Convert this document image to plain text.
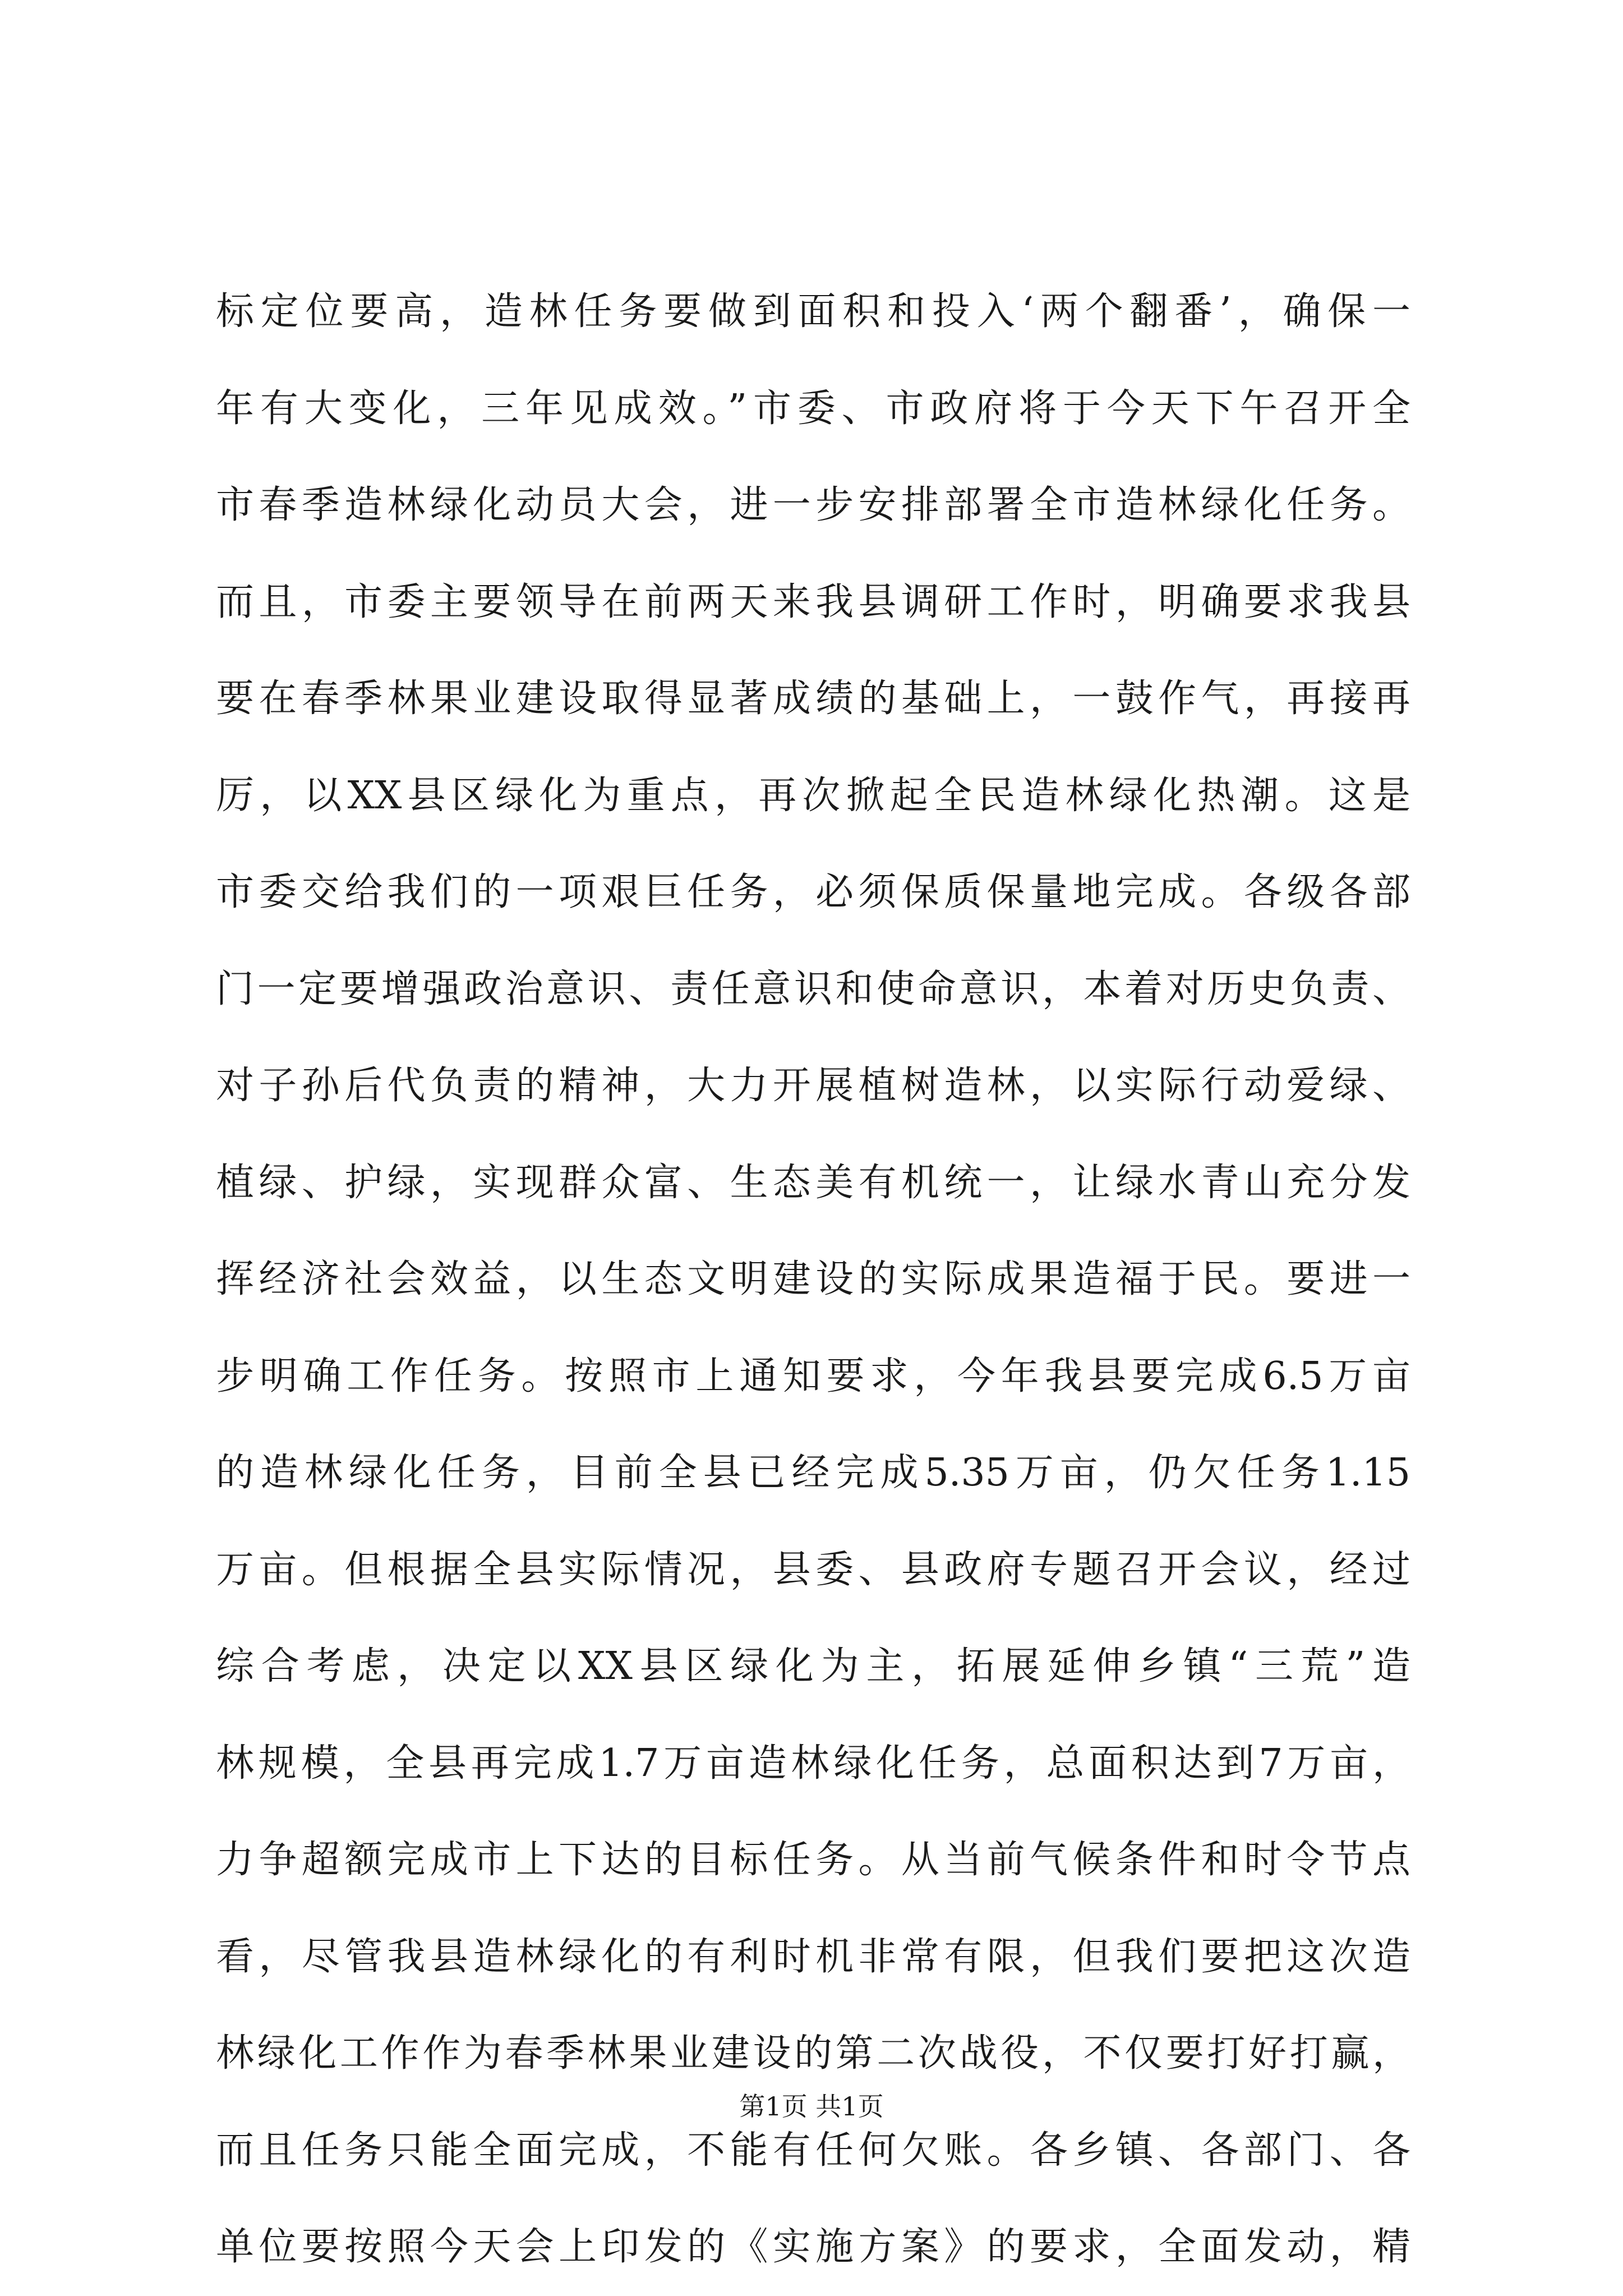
标定位要高，造林任务要做到面积和投入‘两个翻番’，确保一
年有大变化，三年见成效。”市委、市政府将于今天下午召开全
市春季造林绿化动员大会，进一步安排部署全市造林绿化任务。
而且，市委主要领导在前两天来我县调研工作时，明确要求我县
要在春季林果业建设取得显著成绩的基础上，一鼓作气，再接再
厉，以XX县区绿化为重点，再次掀起全民造林绿化热潮。这是
市委交给我们的一项艰巨任务，必须保质保量地完成。各级各部
门一定要增强政治意识、责任意识和使命意识，本着对历史负责、
对子孙后代负责的精神，大力开展植树造林，以实际行动爱绿、
植绿、护绿，实现群众富、生态美有机统一，让绿水青山充分发
挥经济社会效益，以生态文明建设的实际成果造福于民。要进一
步明确工作任务。按照市上通知要求，今年我县要完成6.5万亩
的造林绿化任务，目前全县已经完成5.35万亩，仍欠任务1.15
万亩。但根据全县实际情况，县委、县政府专题召开会议，经过
综合考虑，决定以XX县区绿化为主，拓展延伸乡镇“三荒”造
林规模，全县再完成1.7万亩造林绿化任务，总面积达到7万亩，
力争超额完成市上下达的目标任务。从当前气候条件和时令节点
看，尽管我县造林绿化的有利时机非常有限，但我们要把这次造
林绿化工作作为春季林果业建设的第二次战役，不仅要打好打赢，
而且任务只能全面完成，不能有任何欠账。各乡镇、各部门、各
单位要按照今天会上印发的《实施方案》的要求，全面发动，精
第1页 共1页
